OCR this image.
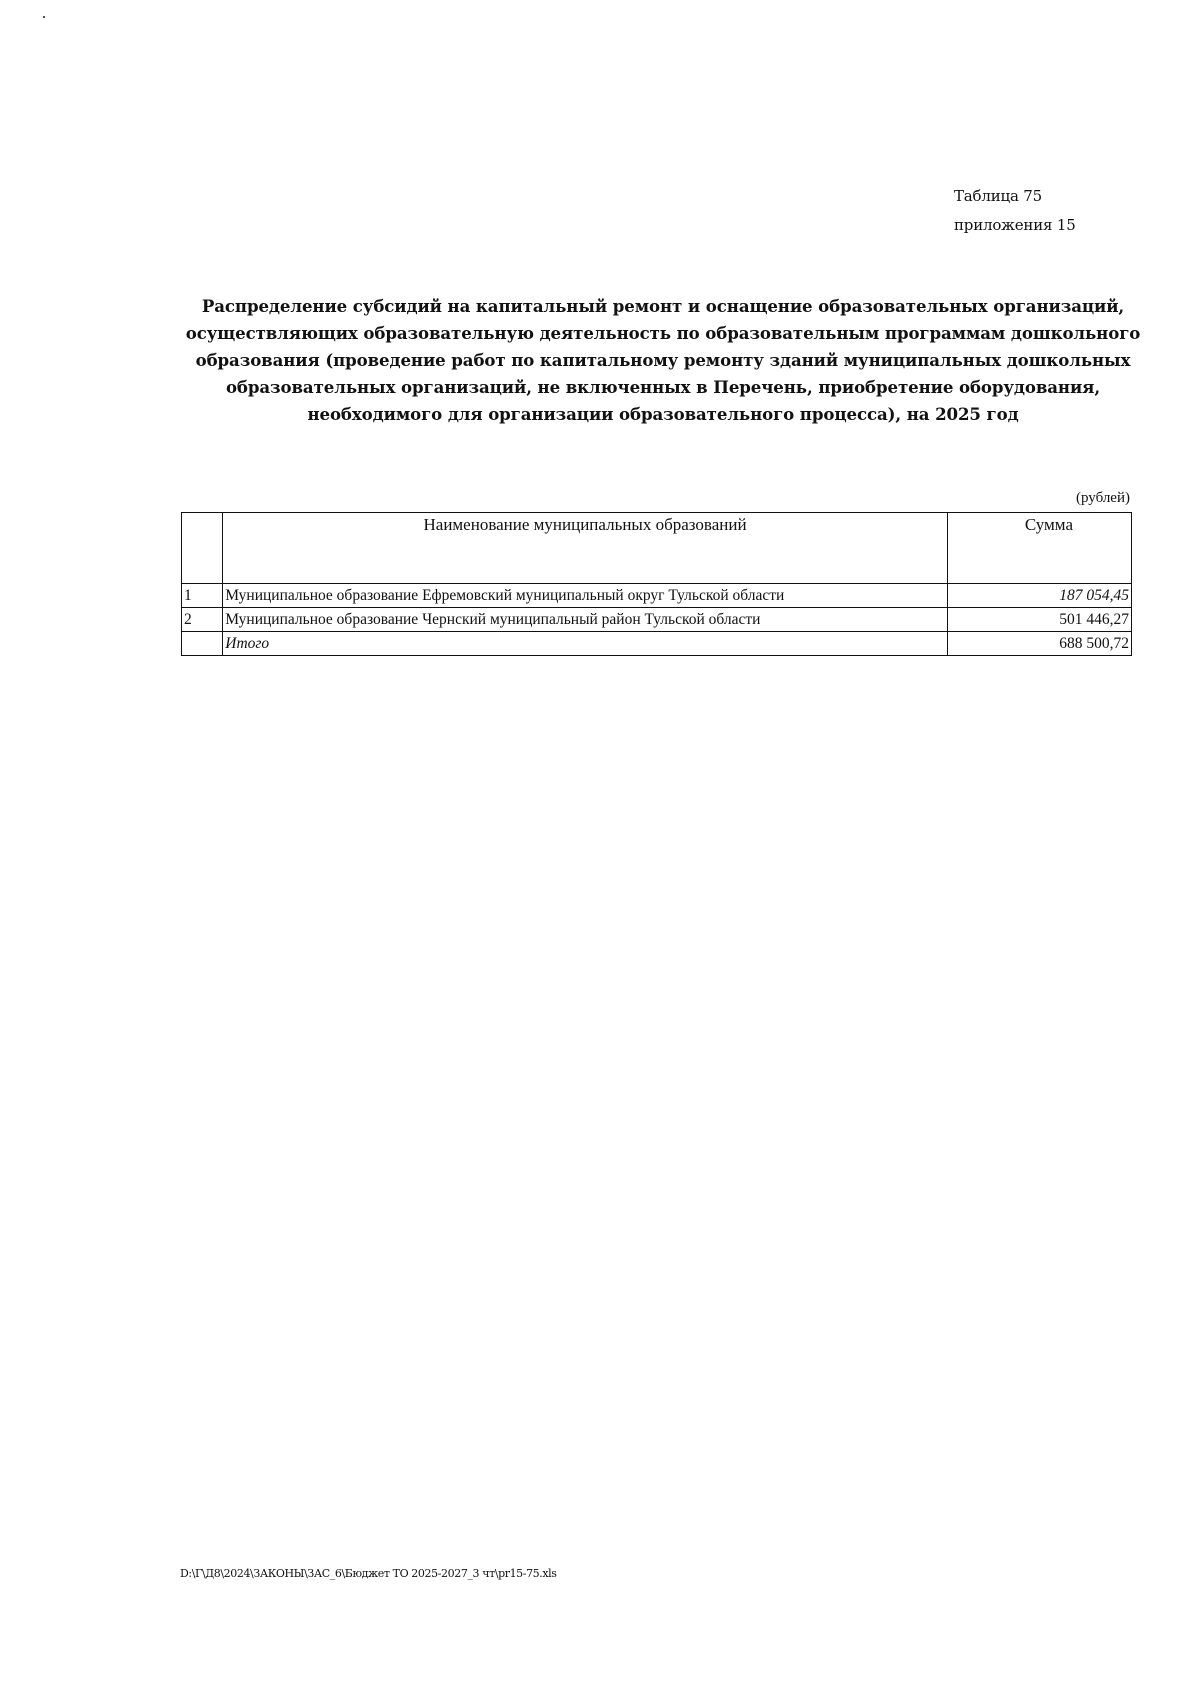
Таблица 75
приложения 15
Распределение субсидий на капитальный ремонт и оснащение образовательных организаций,
осуществляющих образовательную деятельность по образовательным программам дошкольного
образования (проведение работ по капитальному ремонту зданий муниципальных дошкольных
образовательных организаций, не включенных в Перечень, приобретение оборудования,
необходимого для организации образовательного процесса), на 2025 год
(рублей)
	Наименование муниципальных образований	Сумма
1	Муниципальное образование Ефремовский муниципальный округ Тульской области	187 054,45
2	Муниципальное образование Чернский муниципальный район Тульской области	501 446,27
	Итого	688 500,72
D:\Г\Д8\2024\ЗАКОНЫ\ЗАС_6\Бюджет ТО 2025-2027_3 чт\pr15-75.xls
